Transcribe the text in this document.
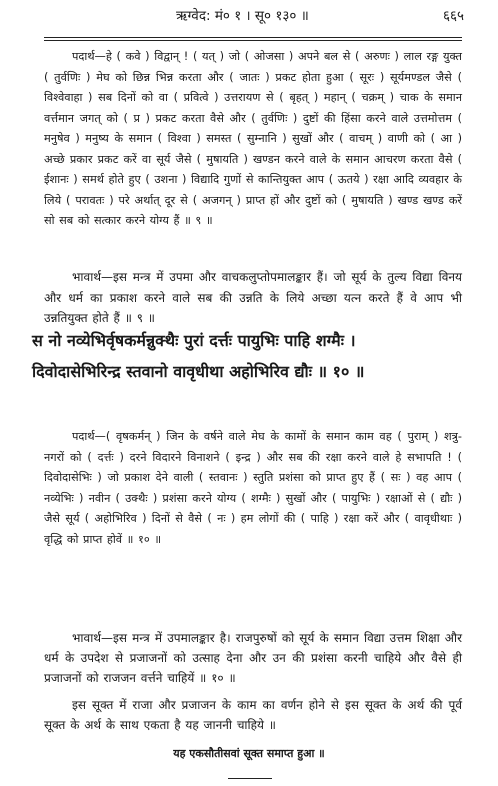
ऋग्वेद: मं० १ । सू० १३० ॥	६६५
पदार्थ—हे ( कवे ) विद्वान् ! ( यत् ) जो ( ओजसा ) अपने बल से ( अरुणः ) लाल रङ्ग युक्त ( तुर्वणिः ) मेघ को छिन्न भिन्न करता और ( जातः ) प्रकट होता हुआ ( सूरः ) सूर्यमण्डल जैसे ( विश्वेवाहा ) सब दिनों को वा ( प्रवित्वे ) उत्तरायण से ( बृहत् ) महान् ( चक्रम् ) चाक के समान वर्त्तमान जगत् को ( प्र ) प्रकट करता वैसे और ( तुर्वणिः ) दुष्टों की हिंसा करने वाले उत्तमोत्तम ( मनुषेव ) मनुष्य के समान ( विश्वा ) समस्त ( सुम्नानि ) सुखों और ( वाचम् ) वाणी को ( आ ) अच्छे प्रकार प्रकट करें वा सूर्य जैसे ( मुषायति ) खण्डन करने वाले के समान आचरण करता वैसे ( ईशानः ) समर्थ होते हुए ( उशना ) विद्यादि गुणों से कान्तियुक्त आप ( ऊतये ) रक्षा आदि व्यवहार के लिये ( परावतः ) परे अर्थात् दूर से ( अजगन् ) प्राप्त हों और दुष्टों को ( मुषायति ) खण्ड खण्ड करें सो सब को सत्कार करने योग्य हैं ॥ ९ ॥
भावार्थ—इस मन्त्र में उपमा और वाचकलुप्तोपमालङ्कार हैं। जो सूर्य के तुल्य विद्या विनय और धर्म का प्रकाश करने वाले सब की उन्नति के लिये अच्छा यत्न करते हैं वे आप भी उन्नतियुक्त होते हैं ॥ ९ ॥
स नो नव्येभिर्वृषकर्मन्नुक्थैः पुरां दर्त्तः पायुभिः पाहि शग्मैः ।
दिवोदासेभिरिन्द्र स्तवानो वावृधीथा अहोभिरिव द्यौः ॥ १० ॥
पदार्थ—( वृषकर्मन् ) जिन के वर्षने वाले मेघ के कामों के समान काम वह ( पुराम् ) शत्रु-नगरों को ( दर्त्तः ) दरने विदारने विनाशने ( इन्द्र ) और सब की रक्षा करने वाले हे सभापति ! ( दिवोदासेभिः ) जो प्रकाश देने वाली ( स्तवानः ) स्तुति प्रशंसा को प्राप्त हुए हैं ( सः ) वह आप ( नव्येभिः ) नवीन ( उक्थैः ) प्रशंसा करने योग्य ( शग्मैः ) सुखों और ( पायुभिः ) रक्षाओं से ( द्यौः ) जैसे सूर्य ( अहोभिरिव ) दिनों से वैसे ( नः ) हम लोगों की ( पाहि ) रक्षा करें और ( वावृधीथाः ) वृद्धि को प्राप्त होवें ॥ १० ॥
भावार्थ—इस मन्त्र में उपमालङ्कार है। राजपुरुषों को सूर्य के समान विद्या उत्तम शिक्षा और धर्म के उपदेश से प्रजाजनों को उत्साह देना और उन की प्रशंसा करनी चाहिये और वैसे ही प्रजाजनों को राजजन वर्त्तने चाहियें ॥ १० ॥
इस सूक्त में राजा और प्रजाजन के काम का वर्णन होने से इस सूक्त के अर्थ की पूर्व सूक्त के अर्थ के साथ एकता है यह जाननी चाहिये ॥
यह एकसौतीसवां सूक्त समाप्त हुआ ॥
